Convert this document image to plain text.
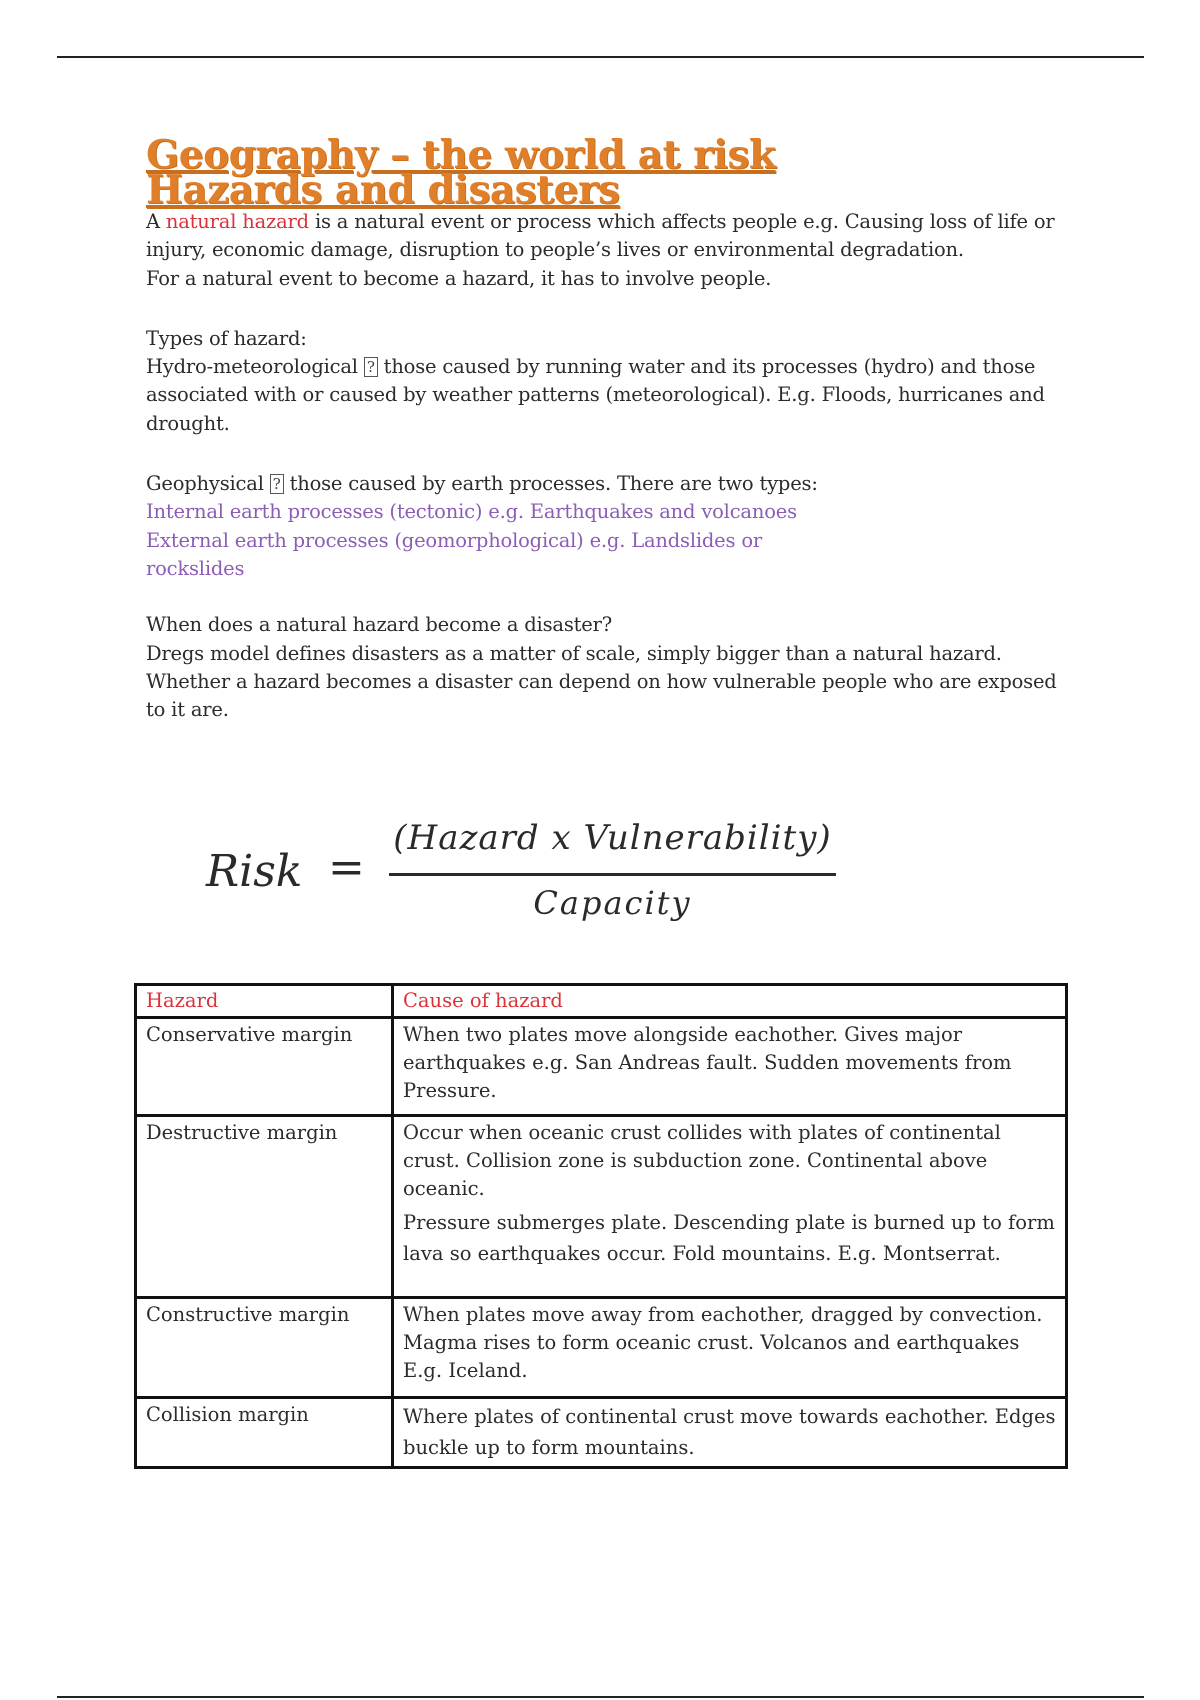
Geography – the world at risk
Hazards and disasters

A natural hazard is a natural event or process which affects people e.g. Causing loss of life or injury, economic damage, disruption to people’s lives or environmental degradation.

For a natural event to become a hazard, it has to involve people.

Types of hazard:

Hydro-meteorological ? those caused by running water and its processes (hydro) and those associated with or caused by weather patterns (meteorological). E.g. Floods, hurricanes and drought.

Geophysical ? those caused by earth processes. There are two types:

Internal earth processes (tectonic) e.g. Earthquakes and volcanoes

External earth processes (geomorphological) e.g. Landslides or rockslides

When does a natural hazard become a disaster?

Dregs model defines disasters as a matter of scale, simply bigger than a natural hazard. Whether a hazard becomes a disaster can depend on how vulnerable people who are exposed to it are.

Risk =
(Hazard x Vulnerability)
Capacity
Hazard	Cause of hazard
Conservative margin	When two plates move alongside eachother. Gives major earthquakes e.g. San Andreas fault. Sudden movements from Pressure.

Destructive margin	Occur when oceanic crust collides with plates of continental crust. Collision zone is subduction zone. Continental above oceanic.

Pressure submerges plate. Descending plate is burned up to form lava so earthquakes occur. Fold mountains. E.g. Montserrat.

Constructive margin	When plates move away from eachother, dragged by convection. Magma rises to form oceanic crust. Volcanos and earthquakes E.g. Iceland.

Collision margin	Where plates of continental crust move towards eachother. Edges buckle up to form mountains.
